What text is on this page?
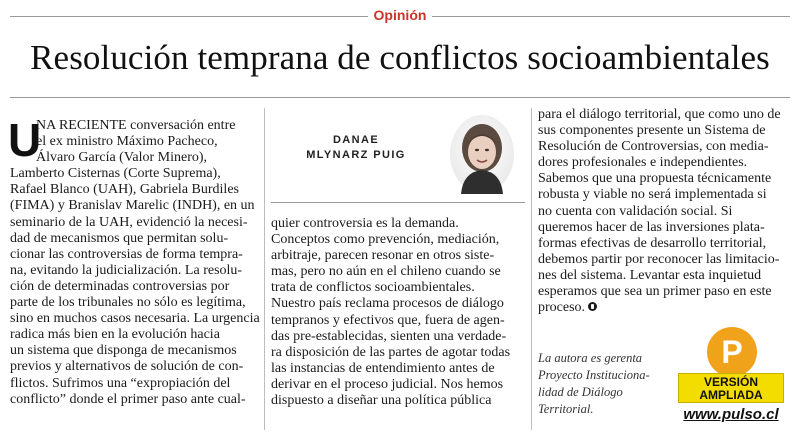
Opinión
Resolución temprana de conflictos socioambientales
U
NA RECIENTE conversación entre
el ex ministro Máximo Pacheco,
Álvaro García (Valor Minero),
Lamberto Cisternas (Corte Suprema),
Rafael Blanco (UAH), Gabriela Burdiles
(FIMA) y Branislav Marelic (INDH), en un
seminario de la UAH, evidenció la necesi-
dad de mecanismos que permitan solu-
cionar las controversias de forma tempra-
na, evitando la judicialización. La resolu-
ción de determinadas controversias por
parte de los tribunales no sólo es legítima,
sino en muchos casos necesaria. La urgencia
radica más bien en la evolución hacia
un sistema que disponga de mecanismos
previos y alternativos de solución de con-
flictos. Sufrimos una “expropiación del
conflicto” donde el primer paso ante cual-
DANAE
MLYNARZ PUIG
quier controversia es la demanda.
Conceptos como prevención, mediación,
arbitraje, parecen resonar en otros siste-
mas, pero no aún en el chileno cuando se
trata de conflictos socioambientales.
Nuestro país reclama procesos de diálogo
tempranos y efectivos que, fuera de agen-
das pre-establecidas, sienten una verdade-
ra disposición de las partes de agotar todas
las instancias de entendimiento antes de
derivar en el proceso judicial. Nos hemos
dispuesto a diseñar una política pública
para el diálogo territorial, que como uno de
sus componentes presente un Sistema de
Resolución de Controversias, con media-
dores profesionales e independientes.
Sabemos que una propuesta técnicamente
robusta y viable no será implementada si
no cuenta con validación social. Si
queremos hacer de las inversiones plata-
formas efectivas de desarrollo territorial,
debemos partir por reconocer las limitacio-
nes del sistema. Levantar esta inquietud
esperamos que sea un primer paso en este
proceso.
La autora es gerenta
Proyecto Instituciona-
lidad de Diálogo
Territorial.
P
VERSIÓN
AMPLIADA
www.pulso.cl
